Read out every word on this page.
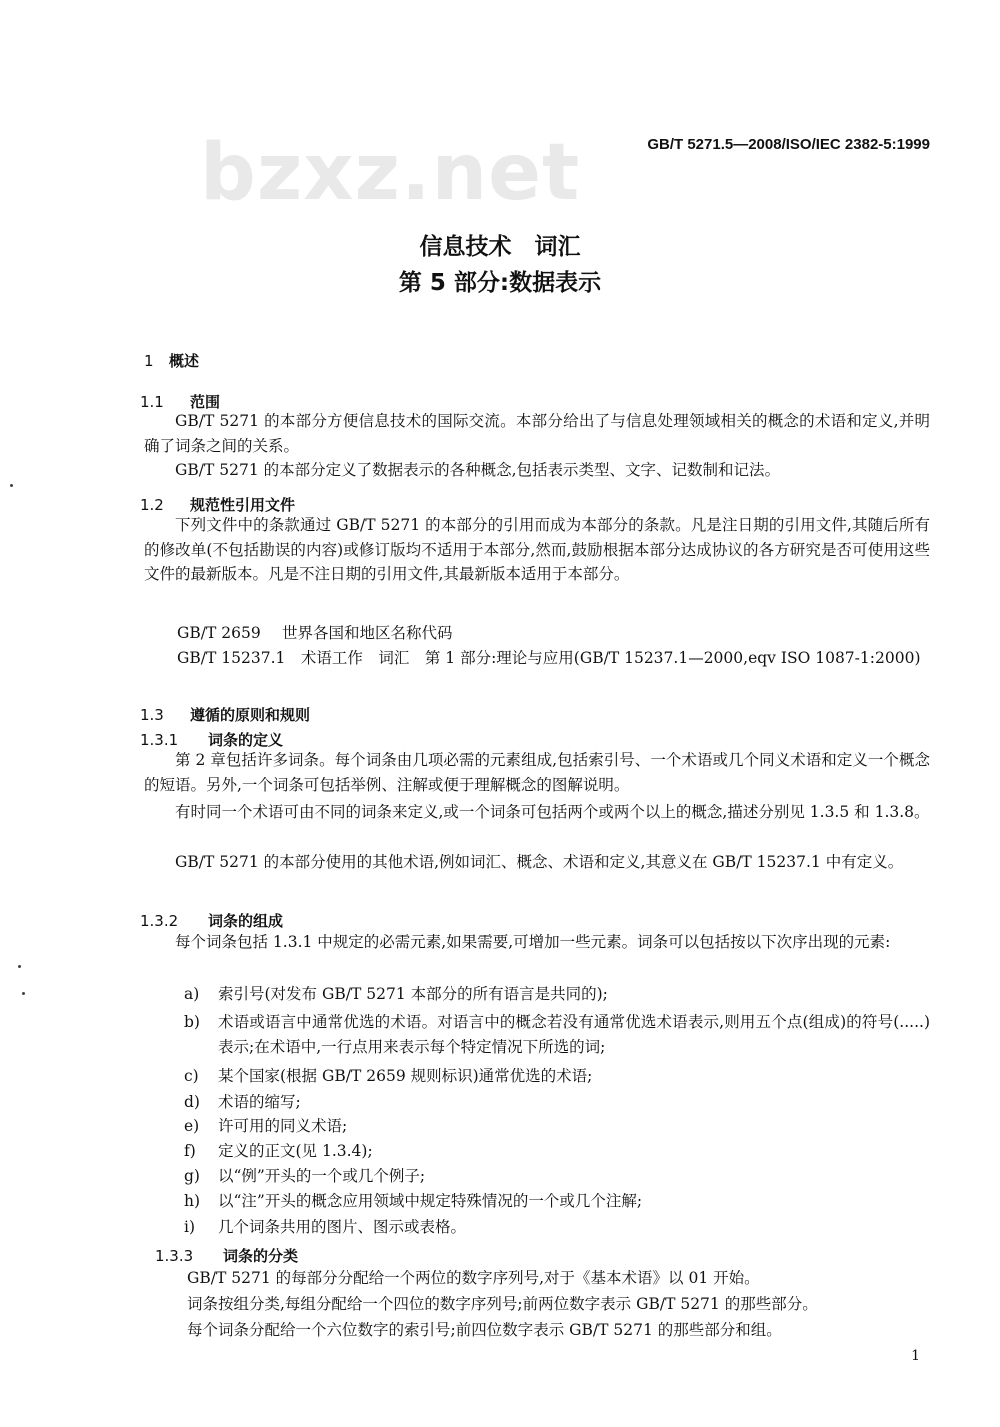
bzxz.net	GB/T 5271.5—2008/ISO/IEC 2382-5:1999
信息技术　词汇
第 5 部分:数据表示
1 概述
1.1 范围
GB/T 5271 的本部分方便信息技术的国际交流。本部分给出了与信息处理领域相关的概念的术语和定义,并明确了词条之间的关系。
GB/T 5271 的本部分定义了数据表示的各种概念,包括表示类型、文字、记数制和记法。
1.2 规范性引用文件
下列文件中的条款通过 GB/T 5271 的本部分的引用而成为本部分的条款。凡是注日期的引用文件,其随后所有的修改单(不包括勘误的内容)或修订版均不适用于本部分,然而,鼓励根据本部分达成协议的各方研究是否可使用这些文件的最新版本。凡是不注日期的引用文件,其最新版本适用于本部分。
GB/T 2659 世界各国和地区名称代码
GB/T 15237.1　术语工作　词汇　第 1 部分:理论与应用(GB/T 15237.1—2000,eqv ISO 1087-1:2000)
1.3 遵循的原则和规则
1.3.1 词条的定义
第 2 章包括许多词条。每个词条由几项必需的元素组成,包括索引号、一个术语或几个同义术语和定义一个概念的短语。另外,一个词条可包括举例、注解或便于理解概念的图解说明。
有时同一个术语可由不同的词条来定义,或一个词条可包括两个或两个以上的概念,描述分别见 1.3.5 和 1.3.8。
GB/T 5271 的本部分使用的其他术语,例如词汇、概念、术语和定义,其意义在 GB/T 15237.1 中有定义。
1.3.2 词条的组成
每个词条包括 1.3.1 中规定的必需元素,如果需要,可增加一些元素。词条可以包括按以下次序出现的元素:
a)	索引号(对发布 GB/T 5271 本部分的所有语言是共同的);
b)	术语或语言中通常优选的术语。对语言中的概念若没有通常优选术语表示,则用五个点(组成)的符号(.....)表示;在术语中,一行点用来表示每个特定情况下所选的词;
c)	某个国家(根据 GB/T 2659 规则标识)通常优选的术语;
d)	术语的缩写;
e)	许可用的同义术语;
f)	定义的正文(见 1.3.4);
g)	以“例”开头的一个或几个例子;
h)	以“注”开头的概念应用领域中规定特殊情况的一个或几个注解;
i)	几个词条共用的图片、图示或表格。
1.3.3 词条的分类
GB/T 5271 的每部分分配给一个两位的数字序列号,对于《基本术语》以 01 开始。
词条按组分类,每组分配给一个四位的数字序列号;前两位数字表示 GB/T 5271 的那些部分。
每个词条分配给一个六位数字的索引号;前四位数字表示 GB/T 5271 的那些部分和组。
1
